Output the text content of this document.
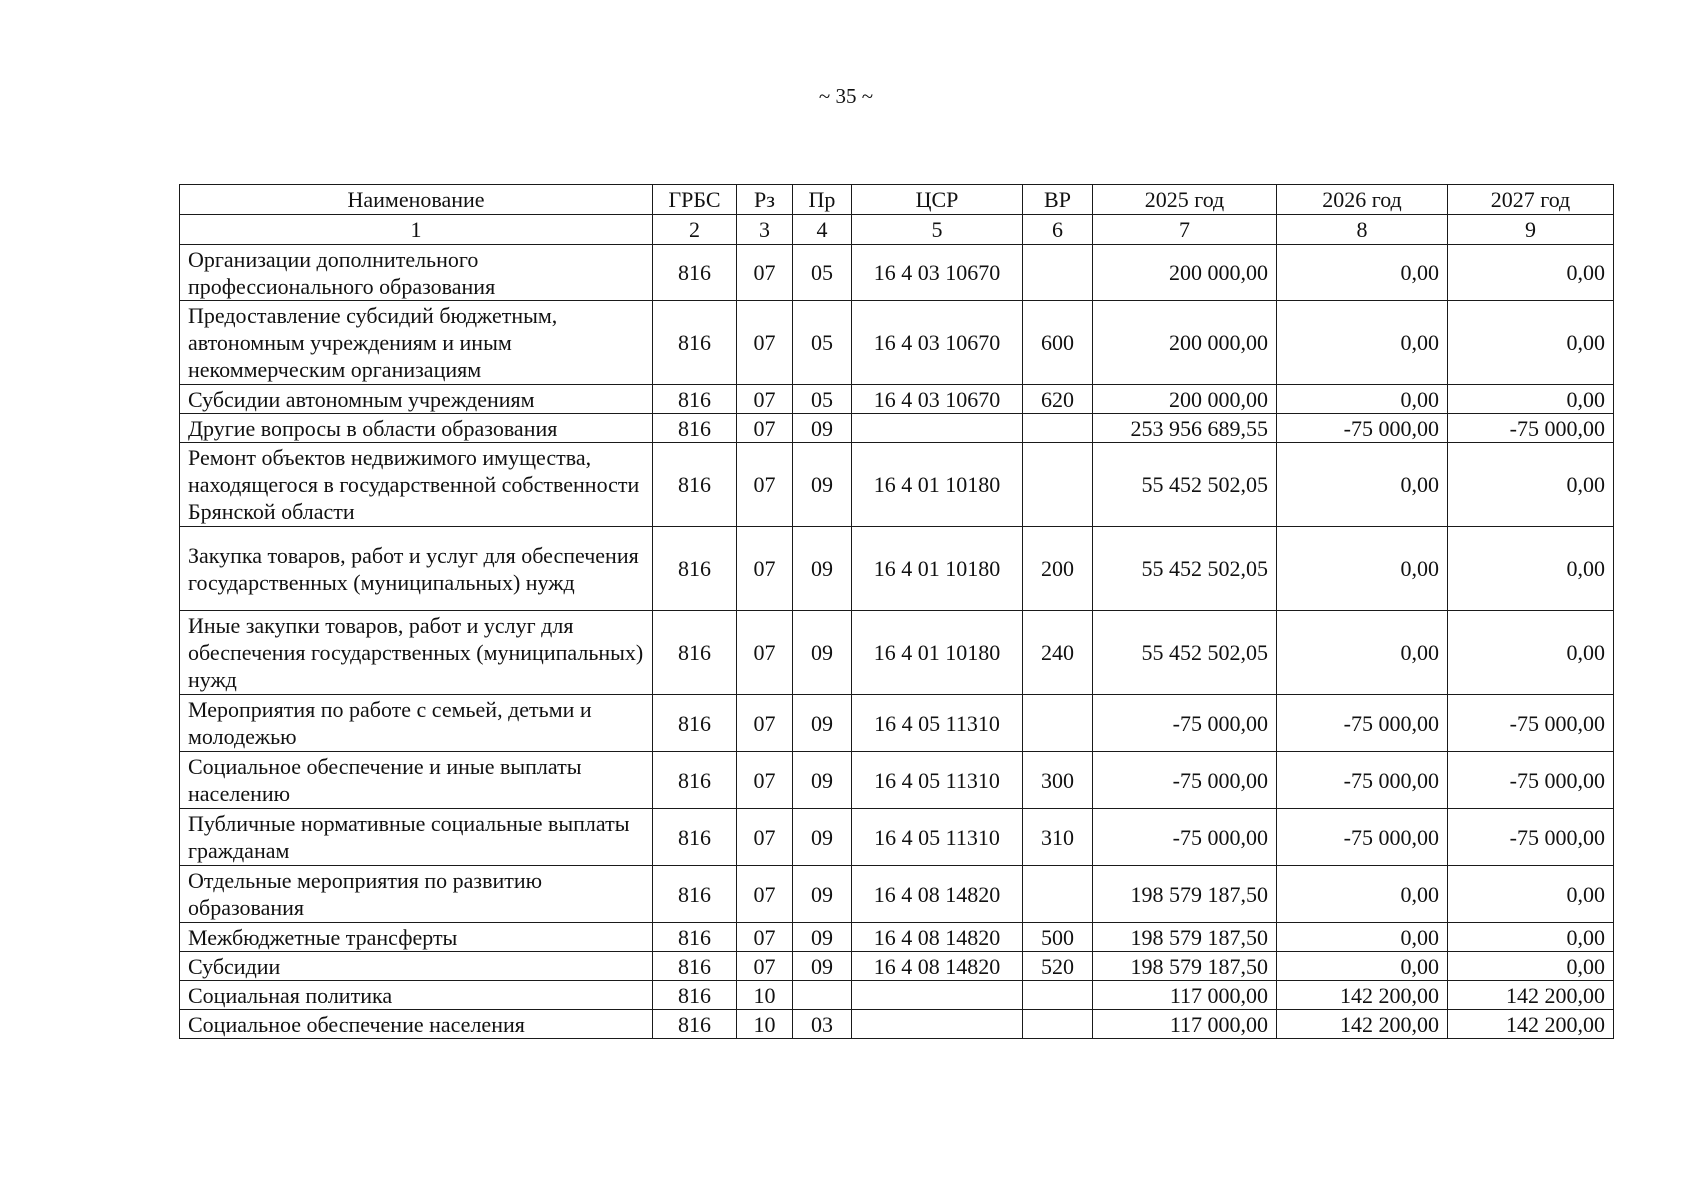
~ 35 ~
Наименование	ГРБС	Рз	Пр	ЦСР	ВР	2025 год	2026 год	2027 год
1	2	3	4	5	6	7	8	9
Организации дополнительного профессионального образования	816	07	05	16 4 03 10670		200 000,00	0,00	0,00
Предоставление субсидий бюджетным, автономным учреждениям и иным некоммерческим организациям	816	07	05	16 4 03 10670	600	200 000,00	0,00	0,00
Субсидии автономным учреждениям	816	07	05	16 4 03 10670	620	200 000,00	0,00	0,00
Другие вопросы в области образования	816	07	09			253 956 689,55	-75 000,00	-75 000,00
Ремонт объектов недвижимого имущества, находящегося в государственной собственности Брянской области	816	07	09	16 4 01 10180		55 452 502,05	0,00	0,00
Закупка товаров, работ и услуг для обеспечения государственных (муниципальных) нужд	816	07	09	16 4 01 10180	200	55 452 502,05	0,00	0,00
Иные закупки товаров, работ и услуг для обеспечения государственных (муниципальных) нужд	816	07	09	16 4 01 10180	240	55 452 502,05	0,00	0,00
Мероприятия по работе с семьей, детьми и молодежью	816	07	09	16 4 05 11310		-75 000,00	-75 000,00	-75 000,00
Социальное обеспечение и иные выплаты населению	816	07	09	16 4 05 11310	300	-75 000,00	-75 000,00	-75 000,00
Публичные нормативные социальные выплаты гражданам	816	07	09	16 4 05 11310	310	-75 000,00	-75 000,00	-75 000,00
Отдельные мероприятия по развитию образования	816	07	09	16 4 08 14820		198 579 187,50	0,00	0,00
Межбюджетные трансферты	816	07	09	16 4 08 14820	500	198 579 187,50	0,00	0,00
Субсидии	816	07	09	16 4 08 14820	520	198 579 187,50	0,00	0,00
Социальная политика	816	10				117 000,00	142 200,00	142 200,00
Социальное обеспечение населения	816	10	03			117 000,00	142 200,00	142 200,00
